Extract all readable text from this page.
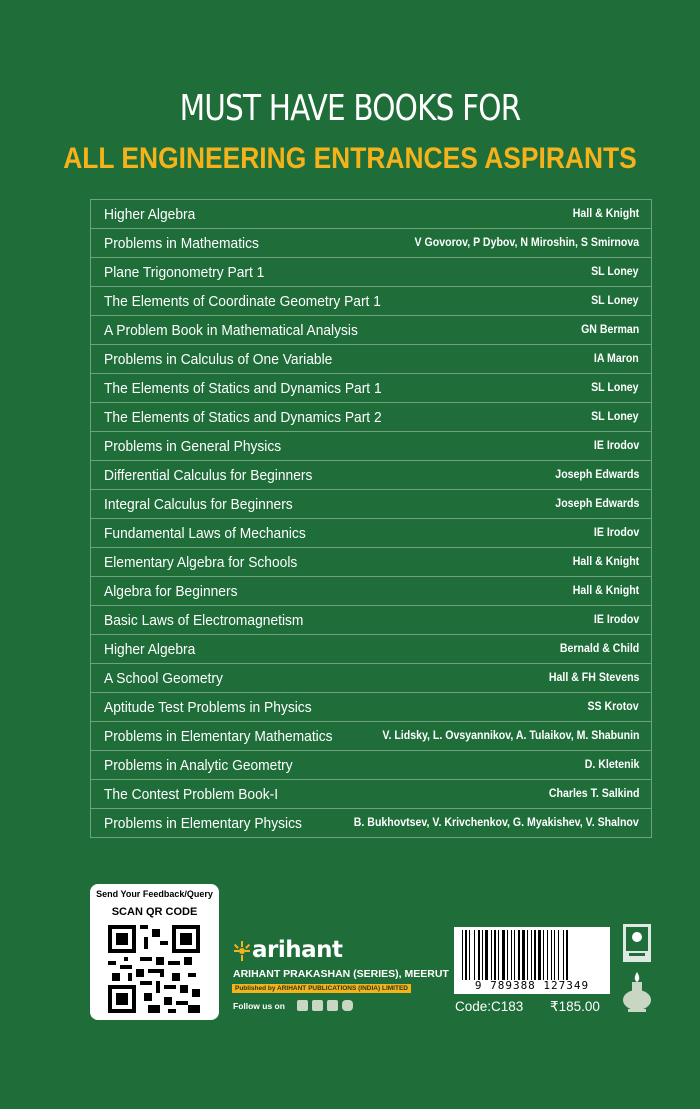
MUST HAVE BOOKS FOR
ALL ENGINEERING ENTRANCES ASPIRANTS
Higher Algebra	Hall & Knight
Problems in Mathematics	V Govorov, P Dybov, N Miroshin, S Smirnova
Plane Trigonometry Part 1	SL Loney
The Elements of Coordinate Geometry Part 1	SL Loney
A Problem Book in Mathematical Analysis	GN Berman
Problems in Calculus of One Variable	IA Maron
The Elements of Statics and Dynamics Part 1	SL Loney
The Elements of Statics and Dynamics Part 2	SL Loney
Problems in General Physics	IE Irodov
Differential Calculus for Beginners	Joseph Edwards
Integral Calculus for Beginners	Joseph Edwards
Fundamental Laws of Mechanics	IE Irodov
Elementary Algebra for Schools	Hall & Knight
Algebra for Beginners	Hall & Knight
Basic Laws of Electromagnetism	IE Irodov
Higher Algebra	Bernald & Child
A School Geometry	Hall & FH Stevens
Aptitude Test Problems in Physics	SS Krotov
Problems in Elementary Mathematics	V. Lidsky, L. Ovsyannikov, A. Tulaikov, M. Shabunin
Problems in Analytic Geometry	D. Kletenik
The Contest Problem Book-I	Charles T. Salkind
Problems in Elementary Physics	B. Bukhovtsev, V. Krivchenkov, G. Myakishev, V. Shalnov
Send Your Feedback/Query
SCAN QR CODE
arihant
ARIHANT PRAKASHAN (SERIES), MEERUT
Published by ARIHANT PUBLICATIONS (INDIA) LIMITED
Follow us on
9 789388 127349
Code:C183 ₹185.00
